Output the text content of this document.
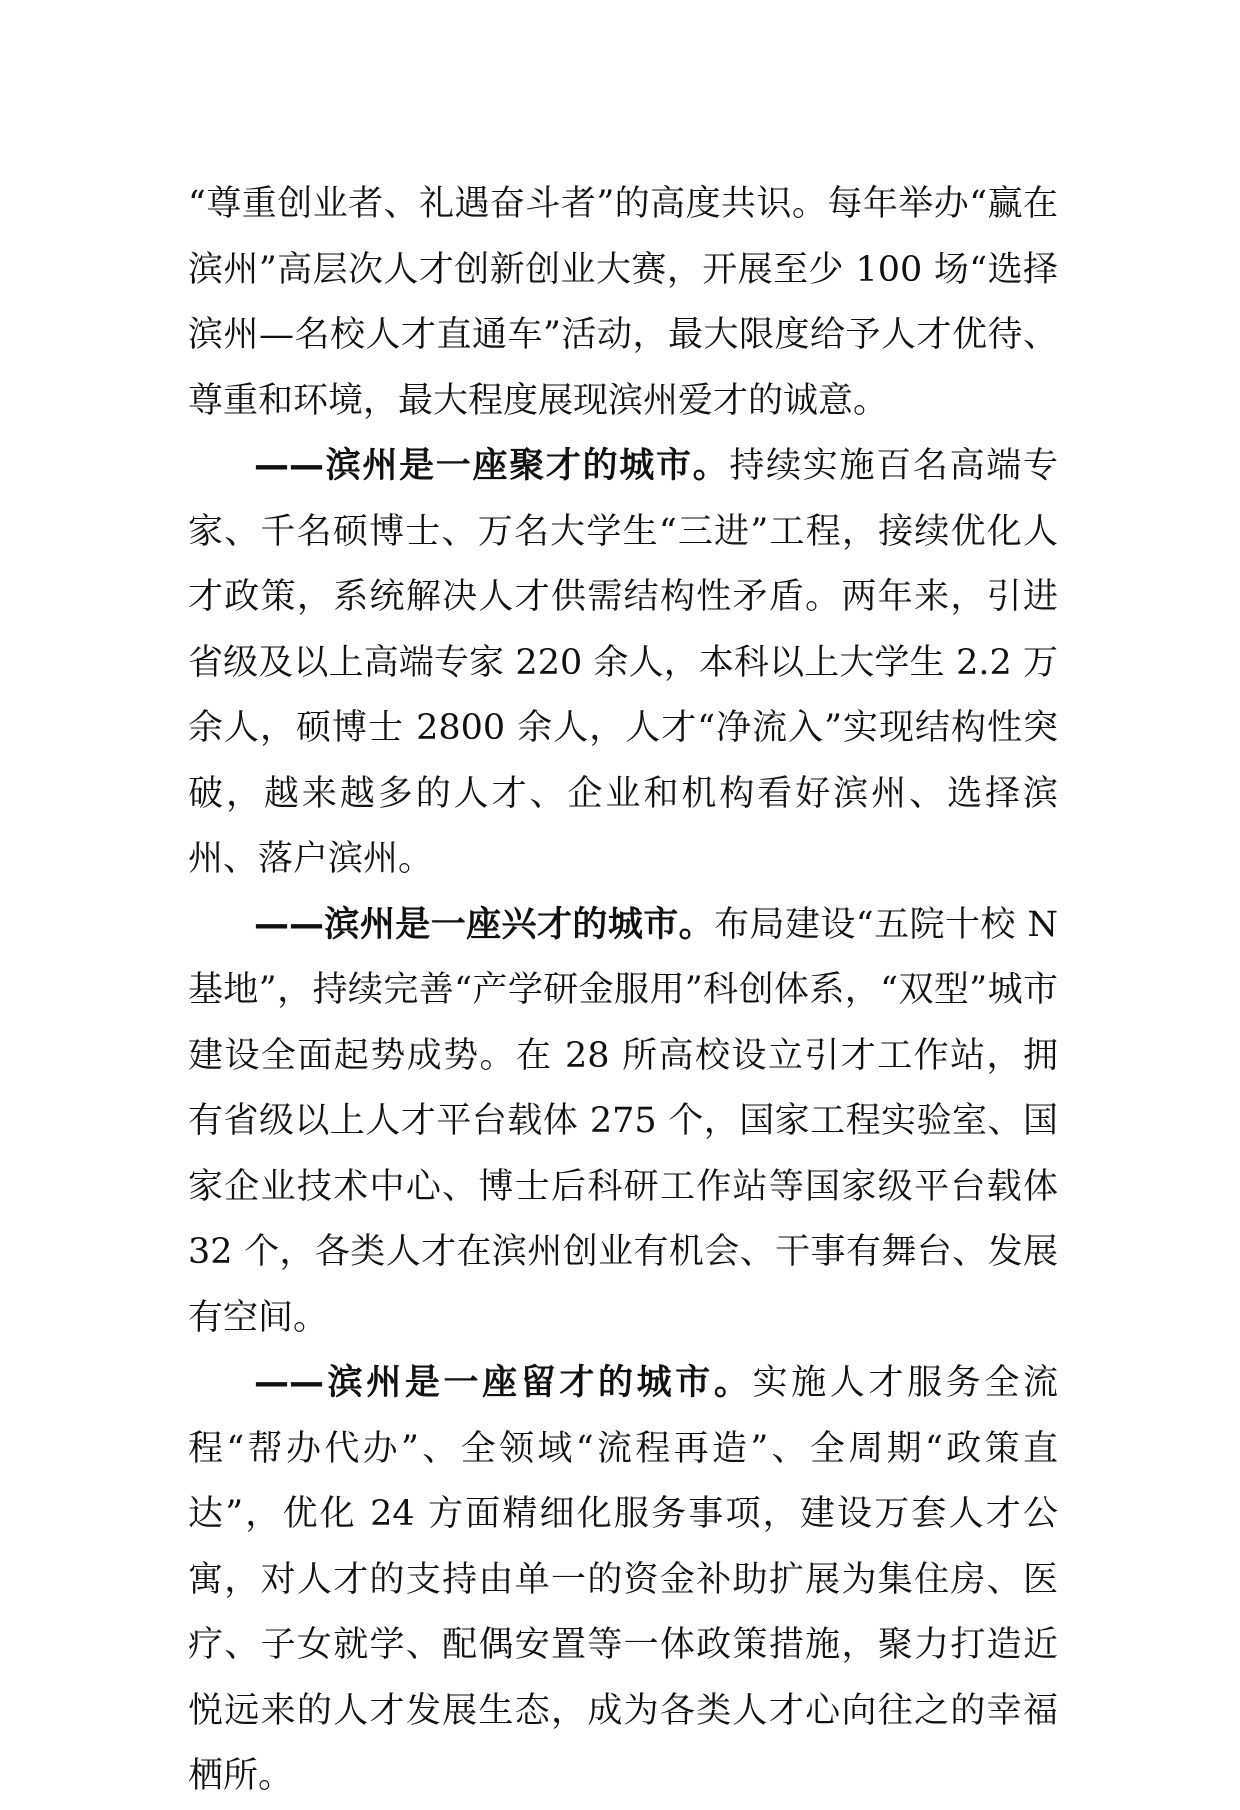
“尊重创业者、礼遇奋斗者”的高度共识。每年举办“赢在滨州”高层次人才创新创业大赛，开展至少 100 场“选择滨州—名校人才直通车”活动，最大限度给予人才优待、尊重和环境，最大程度展现滨州爱才的诚意。

——滨州是一座聚才的城市。持续实施百名高端专家、千名硕博士、万名大学生“三进”工程，接续优化人才政策，系统解决人才供需结构性矛盾。两年来，引进省级及以上高端专家 220 余人，本科以上大学生 2.2 万余人，硕博士 2800 余人，人才“净流入”实现结构性突破，越来越多的人才、企业和机构看好滨州、选择滨州、落户滨州。

——滨州是一座兴才的城市。布局建设“五院十校 N 基地”，持续完善“产学研金服用”科创体系，“双型”城市建设全面起势成势。在 28 所高校设立引才工作站，拥有省级以上人才平台载体 275 个，国家工程实验室、国家企业技术中心、博士后科研工作站等国家级平台载体 32 个，各类人才在滨州创业有机会、干事有舞台、发展有空间。

——滨州是一座留才的城市。实施人才服务全流程“帮办代办”、全领域“流程再造”、全周期“政策直达”，优化 24 方面精细化服务事项，建设万套人才公寓，对人才的支持由单一的资金补助扩展为集住房、医疗、子女就学、配偶安置等一体政策措施，聚力打造近悦远来的人才发展生态，成为各类人才心向往之的幸福栖所。
